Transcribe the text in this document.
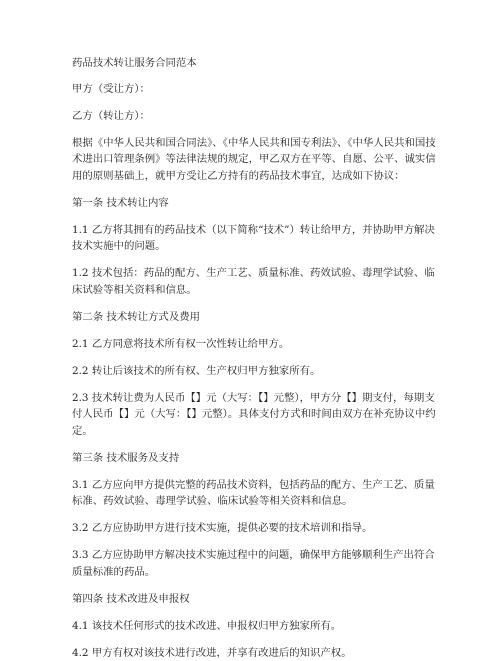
药品技术转让服务合同范本

甲方（受让方）：

乙方（转让方）：

根据《中华人民共和国合同法》、《中华人民共和国专利法》、《中华人民共和国技术进出口管理条例》等法律法规的规定，甲乙双方在平等、自愿、公平、诚实信用的原则基础上，就甲方受让乙方持有的药品技术事宜，达成如下协议：

第一条 技术转让内容

1.1 乙方将其拥有的药品技术（以下简称“技术”）转让给甲方，并协助甲方解决技术实施中的问题。

1.2 技术包括：药品的配方、生产工艺、质量标准、药效试验、毒理学试验、临床试验等相关资料和信息。

第二条 技术转让方式及费用

2.1 乙方同意将技术所有权一次性转让给甲方。

2.2 转让后该技术的所有权、生产权归甲方独家所有。

2.3 技术转让费为人民币【】元（大写：【】元整），甲方分【】期支付，每期支付人民币【】元（大写：【】元整）。具体支付方式和时间由双方在补充协议中约定。

第三条 技术服务及支持

3.1 乙方应向甲方提供完整的药品技术资料，包括药品的配方、生产工艺、质量标准、药效试验、毒理学试验、临床试验等相关资料和信息。

3.2 乙方应协助甲方进行技术实施，提供必要的技术培训和指导。

3.3 乙方应协助甲方解决技术实施过程中的问题，确保甲方能够顺利生产出符合质量标准的药品。

第四条 技术改进及申报权

4.1 该技术任何形式的技术改进、申报权归甲方独家所有。

4.2 甲方有权对该技术进行改进，并享有改进后的知识产权。
